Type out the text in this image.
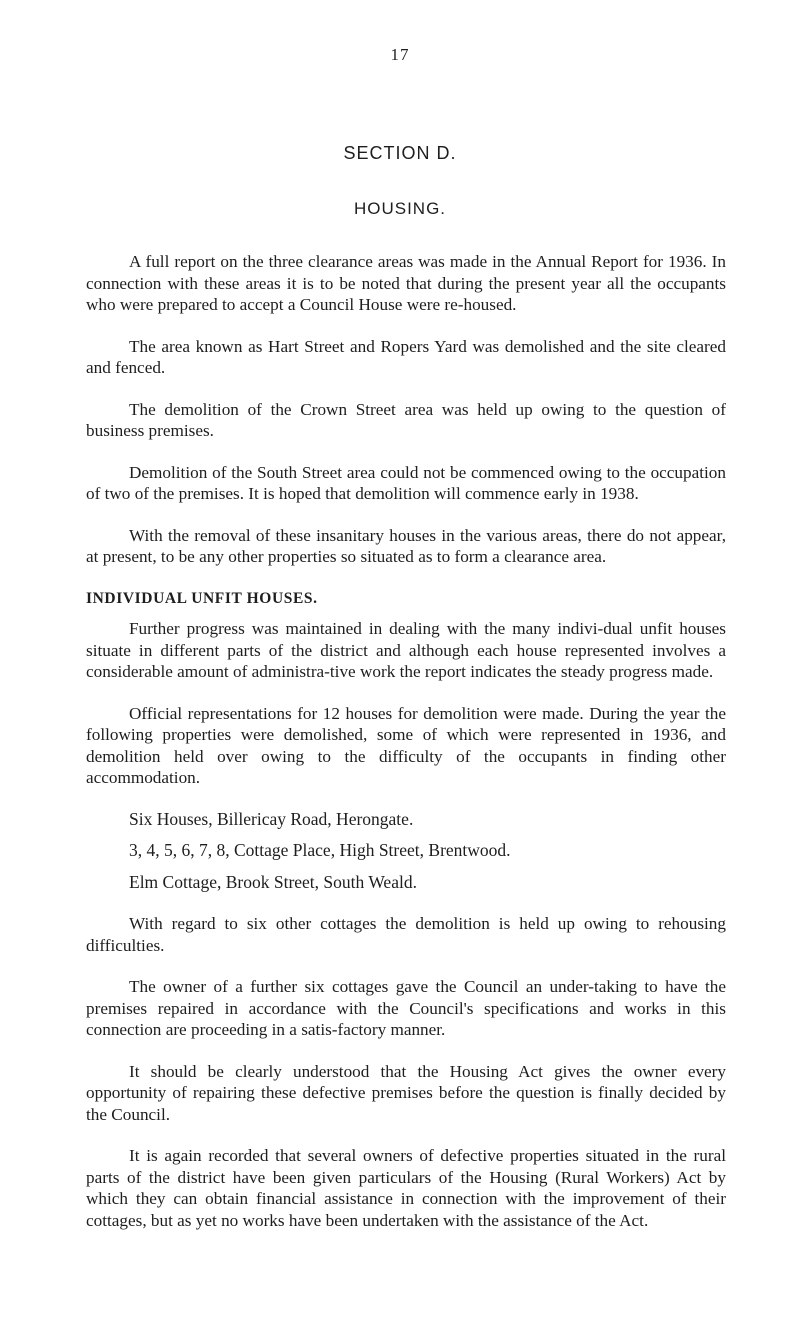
17
SECTION D.
HOUSING.

A full report on the three clearance areas was made in the Annual Report for 1936. In connection with these areas it is to be noted that during the present year all the occupants who were prepared to accept a Council House were re-housed.

The area known as Hart Street and Ropers Yard was demolished and the site cleared and fenced.

The demolition of the Crown Street area was held up owing to the question of business premises.

Demolition of the South Street area could not be commenced owing to the occupation of two of the premises. It is hoped that demolition will commence early in 1938.

With the removal of these insanitary houses in the various areas, there do not appear, at present, to be any other properties so situated as to form a clearance area.

INDIVIDUAL UNFIT HOUSES.

Further progress was maintained in dealing with the many indivi-dual unfit houses situate in different parts of the district and although each house represented involves a considerable amount of administra-tive work the report indicates the steady progress made.

Official representations for 12 houses for demolition were made. During the year the following properties were demolished, some of which were represented in 1936, and demolition held over owing to the difficulty of the occupants in finding other accommodation.

Six Houses, Billericay Road, Herongate.
3, 4, 5, 6, 7, 8, Cottage Place, High Street, Brentwood.
Elm Cottage, Brook Street, South Weald.

With regard to six other cottages the demolition is held up owing to rehousing difficulties.

The owner of a further six cottages gave the Council an under-taking to have the premises repaired in accordance with the Council's specifications and works in this connection are proceeding in a satis-factory manner.

It should be clearly understood that the Housing Act gives the owner every opportunity of repairing these defective premises before the question is finally decided by the Council.

It is again recorded that several owners of defective properties situated in the rural parts of the district have been given particulars of the Housing (Rural Workers) Act by which they can obtain financial assistance in connection with the improvement of their cottages, but as yet no works have been undertaken with the assistance of the Act.
